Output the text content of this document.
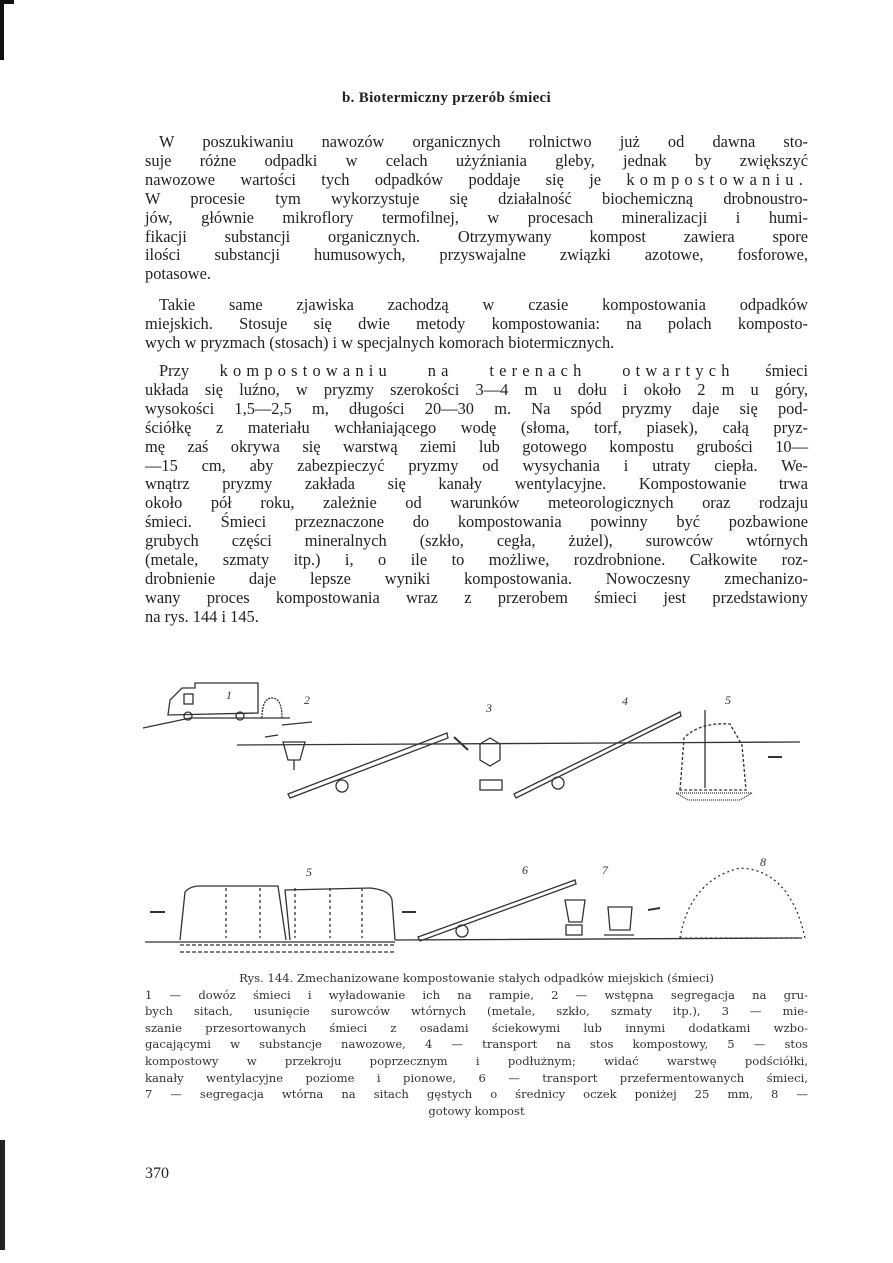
b. Biotermiczny przerób śmieci
W poszukiwaniu nawozów organicznych rolnictwo już od dawna sto-
suje różne odpadki w celach użyźniania gleby, jednak by zwiększyć
nawozowe wartości tych odpadków poddaje się je kompostowaniu.
W procesie tym wykorzystuje się działalność biochemiczną drobnoustro-
jów, głównie mikroflory termofilnej, w procesach mineralizacji i humi-
fikacji substancji organicznych. Otrzymywany kompost zawiera spore
ilości substancji humusowych, przyswajalne związki azotowe, fosforowe,
potasowe.
Takie same zjawiska zachodzą w czasie kompostowania odpadków
miejskich. Stosuje się dwie metody kompostowania: na polach komposto-
wych w pryzmach (stosach) i w specjalnych komorach biotermicznych.
Przy kompostowaniu na terenach otwartych śmieci
układa się luźno, w pryzmy szerokości 3—4 m u dołu i około 2 m u góry,
wysokości 1,5—2,5 m, długości 20—30 m. Na spód pryzmy daje się pod-
ściółkę z materiału wchłaniającego wodę (słoma, torf, piasek), całą pryz-
mę zaś okrywa się warstwą ziemi lub gotowego kompostu grubości 10—
—15 cm, aby zabezpieczyć pryzmy od wysychania i utraty ciepła. We-
wnątrz pryzmy zakłada się kanały wentylacyjne. Kompostowanie trwa
około pół roku, zależnie od warunków meteorologicznych oraz rodzaju
śmieci. Śmieci przeznaczone do kompostowania powinny być pozbawione
grubych części mineralnych (szkło, cegła, żużel), surowców wtórnych
(metale, szmaty itp.) i, o ile to możliwe, rozdrobnione. Całkowite roz-
drobnienie daje lepsze wyniki kompostowania. Nowoczesny zmechanizo-
wany proces kompostowania wraz z przerobem śmieci jest przedstawiony
na rys. 144 i 145.
1	2
3	4	5
5	6	7
8
Rys. 144. Zmechanizowane kompostowanie stałych odpadków miejskich (śmieci)
1 — dowóz śmieci i wyładowanie ich na rampie, 2 — wstępna segregacja na gru-
bych sitach, usunięcie surowców wtórnych (metale, szkło, szmaty itp.), 3 — mie-
szanie przesortowanych śmieci z osadami ściekowymi lub innymi dodatkami wzbo-
gacającymi w substancje nawozowe, 4 — transport na stos kompostowy, 5 — stos
kompostowy w przekroju poprzecznym i podłużnym; widać warstwę podściółki,
kanały wentylacyjne poziome i pionowe, 6 — transport przefermentowanych śmieci,
7 — segregacja wtórna na sitach gęstych o średnicy oczek poniżej 25 mm, 8 —
gotowy kompost
370
